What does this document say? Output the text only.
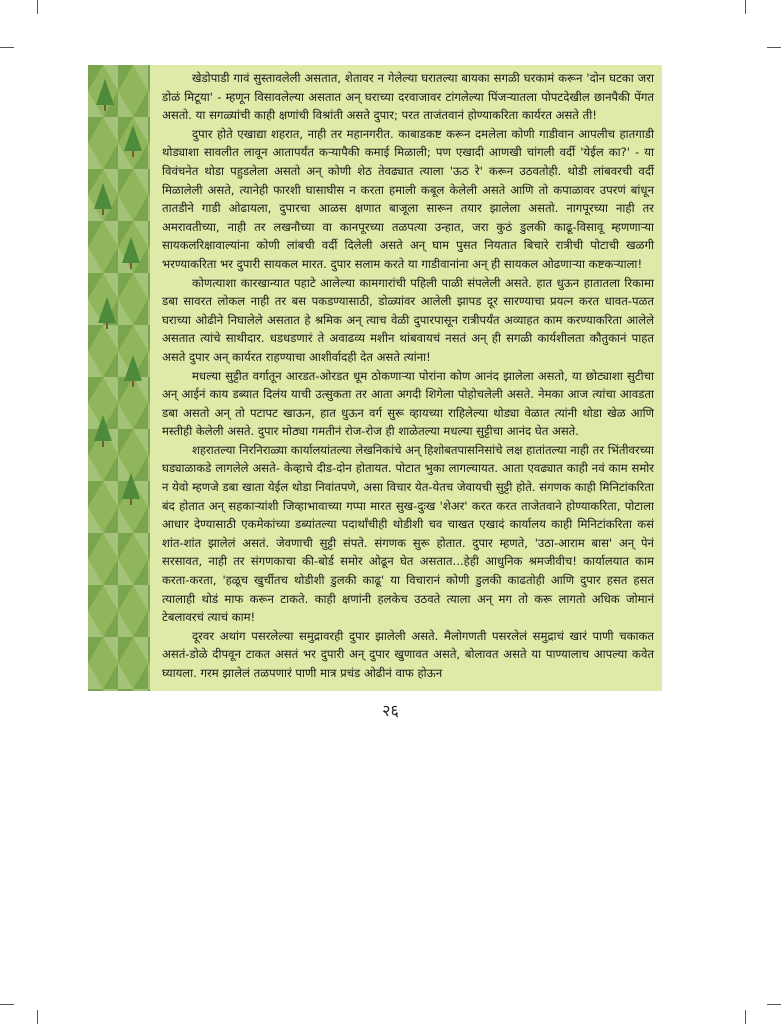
खेडोपाडी गावं सुस्तावलेली असतात, शेतावर न गेलेल्या घरातल्या बायका सगळी घरकामं करून 'दोन घटका जरा डोळं मिटूया' - म्हणून विसावलेल्या असतात अन् घराच्या दरवाजावर टांगलेल्या पिंजऱ्यातला पोपटदेखील छानपैकी पेंगत असतो. या सगळ्यांची काही क्षणांची विश्रांती असते दुपार; परत ताजंतवानं होण्याकरिता कार्यरत असते ती!

दुपार होते एखाद्या शहरात, नाही तर महानगरीत. काबाडकष्ट करून दमलेला कोणी गाडीवान आपलीच हातगाडी थोड्याशा सावलीत लावून आतापर्यंत कऱ्यापैकी कमाई मिळाली; पण एखादी आणखी चांगली वर्दी 'येईल का?' - या विवंचनेत थोडा पहुडलेला असतो अन् कोणी शेठ तेवढ्यात त्याला 'ऊठ रे' करून उठवतोही. थोडी लांबवरची वर्दी मिळालेली असते, त्यानेही फारशी घासाघीस न करता हमाली कबूल केलेली असते आणि तो कपाळावर उपरणं बांधून तातडीने गाडी ओढायला, दुपारचा आळस क्षणात बाजूला सारून तयार झालेला असतो. नागपूरच्या नाही तर अमरावतीच्या, नाही तर लखनौच्या वा कानपूरच्या तळपत्या उन्हात, जरा कुठं डुलकी काढू-विसावू म्हणणाऱ्या सायकलरिक्षावाल्यांना कोणी लांबची वर्दी दिलेली असते अन् घाम पुसत नियतात बिचारे रात्रीची पोटाची खळगी भरण्याकरिता भर दुपारी सायकल मारत. दुपार सलाम करते या गाडीवानांना अन् ही सायकल ओढणाऱ्या कष्टकऱ्याला!

कोणत्याशा कारखान्यात पहाटे आलेल्या कामगारांची पहिली पाळी संपलेली असते. हात धुऊन हातातला रिकामा डबा सावरत लोकल नाही तर बस पकडण्यासाठी, डोळ्यांवर आलेली झापड दूर सारण्याचा प्रयत्न करत धावत-पळत घराच्या ओढीने निघालेले असतात हे श्रमिक अन् त्याच वेळी दुपारपासून रात्रीपर्यंत अव्याहत काम करण्याकरिता आलेले असतात त्यांचे साथीदार. धडधडणारं ते अवाढव्य मशीन थांबवायचं नसतं अन् ही सगळी कार्यशीलता कौतुकानं पाहत असते दुपार अन् कार्यरत राहण्याचा आशीर्वादही देत असते त्यांना!

मधल्या सुट्टीत वर्गातून आरडत-ओरडत धूम ठोकणाऱ्या पोरांना कोण आनंद झालेला असतो, या छोट्याशा सुटीचा अन् आईनं काय डब्यात दिलंय याची उत्सुकता तर आता अगदी शिगेला पोहोचलेली असते. नेमका आज त्यांचा आवडता डबा असतो अन् तो पटापट खाऊन, हात धुऊन वर्ग सुरू व्हायच्या राहिलेल्या थोड्या वेळात त्यांनी थोडा खेळ आणि मस्तीही केलेली असते. दुपार मोठ्या गमतीनं रोज-रोज ही शाळेतल्या मधल्या सुट्टीचा आनंद घेत असते.

शहरातल्या निरनिराळ्या कार्यालयांतल्या लेखनिकांचे अन् हिशोबतपासनिसांचे लक्ष हातांतल्या नाही तर भिंतीवरच्या घड्याळाकडे लागलेले असते- केव्हाचे दीड-दोन होतायत. पोटात भुका लागल्यायत. आता एवढ्यात काही नवं काम समोर न येवो म्हणजे डबा खाता येईल थोडा निवांतपणे, असा विचार येत-येतच जेवायची सुट्टी होते. संगणक काही मिनिटांकरिता बंद होतात अन् सहकाऱ्यांशी जिव्हाभावाच्या गप्पा मारत सुख-दुःख 'शेअर' करत करत ताजेतवाने होण्याकरिता, पोटाला आधार देण्यासाठी एकमेकांच्या डब्यांतल्या पदार्थांचीही थोडीशी चव चाखत एखादं कार्यालय काही मिनिटांकरिता कसं शांत-शांत झालेलं असतं. जेवणाची सुट्टी संपते. संगणक सुरू होतात. दुपार म्हणते, 'उठा-आराम बास' अन् पेनं सरसावत, नाही तर संगणकाचा की-बोर्ड समोर ओढून घेत असतात...हेही आधुनिक श्रमजीवीच! कार्यालयात काम करता-करता, 'हळूच खुर्चीतच थोडीशी डुलकी काढू' या विचारानं कोणी डुलकी काढतोही आणि दुपार हसत हसत त्यालाही थोडं माफ करून टाकते. काही क्षणांनी हलकेच उठवते त्याला अन् मग तो करू लागतो अधिक जोमानं टेबलावरचं त्याचं काम!

दूरवर अथांग पसरलेल्या समुद्रावरही दुपार झालेली असते. मैलोगणती पसरलेलं समुद्राचं खारं पाणी चकाकत असतं-डोळे दीपवून टाकत असतं भर दुपारी अन् दुपार खुणावत असते, बोलावत असते या पाण्यालाच आपल्या कवेत घ्यायला. गरम झालेलं तळपणारं पाणी मात्र प्रचंड ओढीनं वाफ होऊन

२६
